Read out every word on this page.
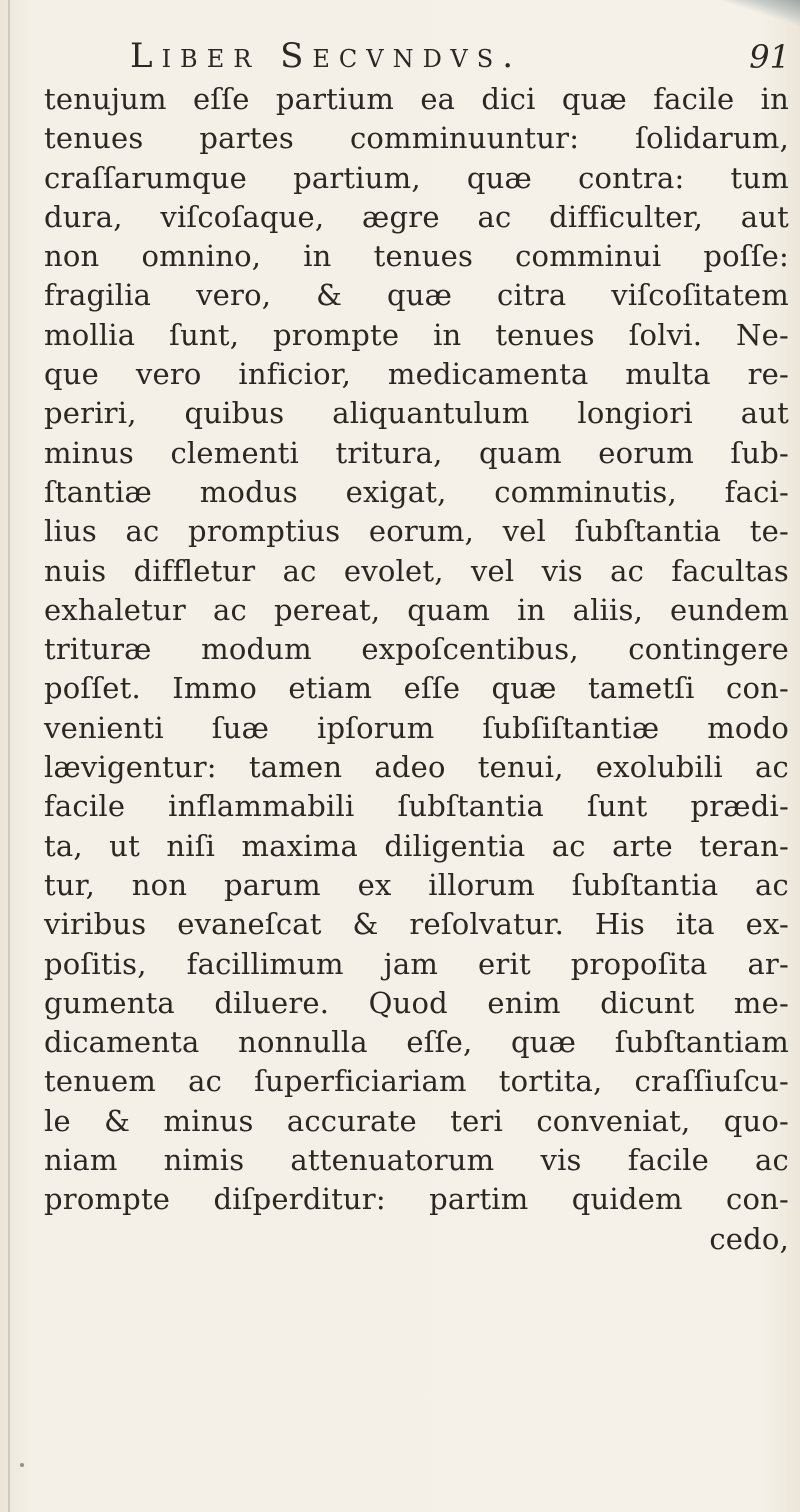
Liber Secvndvs.	91
tenujum eſſe partium ea dici quæ facile in
tenues partes comminuuntur: ſolidarum,
craſſarumque partium, quæ contra: tum
dura, viſcoſaque, ægre ac difficulter, aut
non omnino, in tenues comminui poſſe:
fragilia vero, & quæ citra viſcoſitatem
mollia ſunt, prompte in tenues ſolvi. Ne-
que vero inficior, medicamenta multa re-
periri, quibus aliquantulum longiori aut
minus clementi tritura, quam eorum ſub-
ſtantiæ modus exigat, comminutis, faci-
lius ac promptius eorum, vel ſubſtantia te-
nuis diffletur ac evolet, vel vis ac facultas
exhaletur ac pereat, quam in aliis, eundem
trituræ modum expoſcentibus, contingere
poſſet. Immo etiam eſſe quæ tametſi con-
venienti ſuæ ipſorum ſubſiſtantiæ modo
lævigentur: tamen adeo tenui, exolubili ac
facile inflammabili ſubſtantia ſunt prædi-
ta, ut niſi maxima diligentia ac arte teran-
tur, non parum ex illorum ſubſtantia ac
viribus evaneſcat & reſolvatur. His ita ex-
poſitis, facillimum jam erit propoſita ar-
gumenta diluere. Quod enim dicunt me-
dicamenta nonnulla eſſe, quæ ſubſtantiam
tenuem ac ſuperficiariam tortita, craſſiuſcu-
le & minus accurate teri conveniat, quo-
niam nimis attenuatorum vis facile ac
prompte diſperditur: partim quidem con-
cedo,
